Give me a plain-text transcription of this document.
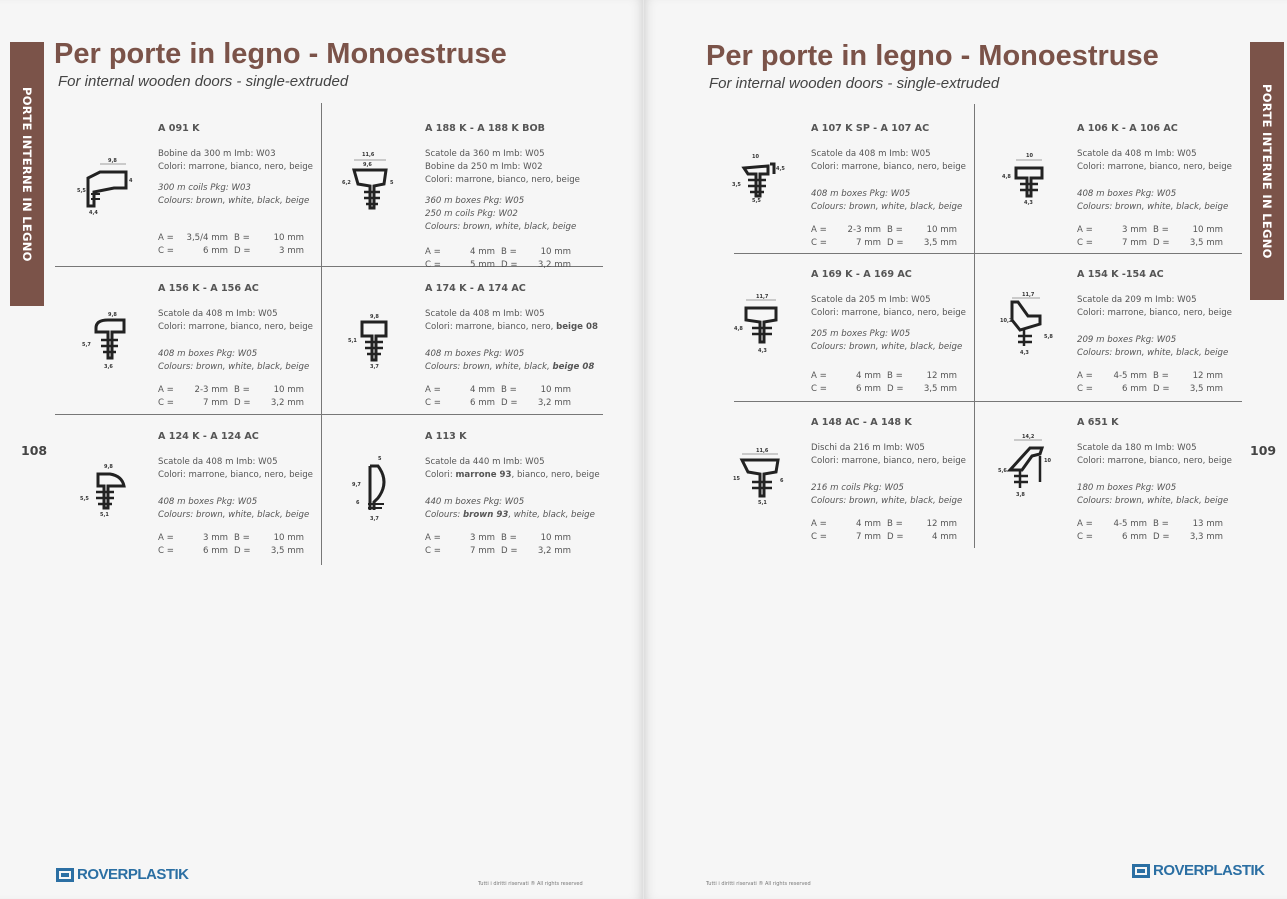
PORTE INTERNE IN LEGNO
Per porte in legno - Monoestruse
For internal wooden doors - single-extruded
108
9,8
4
5,5
4,4

A 091 K

Bobine da 300 m Imb: W03

Colori: marrone, bianco, nero, beige

300 m coils Pkg: W03

Colours: brown, white, black, beige

A =	3,5/4 mm B =	10 mm
C =	6 mm D =	3 mm
11,6
9,6
6,2	5

A 188 K - A 188 K BOB

Scatole da 360 m Imb: W05

Bobine da 250 m Imb: W02

Colori: marrone, bianco, nero, beige

360 m boxes Pkg: W05

250 m coils Pkg: W02

Colours: brown, white, black, beige

A =	4 mm B =	10 mm
C =	5 mm D =	3,2 mm
9,8
5,7
3,6

A 156 K - A 156 AC

Scatole da 408 m Imb: W05

Colori: marrone, bianco, nero, beige

408 m boxes Pkg: W05

Colours: brown, white, black, beige

A =	2-3 mm B =	10 mm
C =	7 mm D =	3,2 mm
9,8
5,1
3,7

A 174 K - A 174 AC

Scatole da 408 m Imb: W05

Colori: marrone, bianco, nero, beige 08

408 m boxes Pkg: W05

Colours: brown, white, black, beige 08

A =	4 mm B =	10 mm
C =	6 mm D =	3,2 mm
9,8
5,5
5,1

A 124 K - A 124 AC

Scatole da 408 m Imb: W05

Colori: marrone, bianco, nero, beige

408 m boxes Pkg: W05

Colours: brown, white, black, beige

A =	3 mm B =	10 mm
C =	6 mm D =	3,5 mm
5
9,7
6
3,7

A 113 K

Scatole da 440 m Imb: W05

Colori: marrone 93, bianco, nero, beige

440 m boxes Pkg: W05

Colours: brown 93, white, black, beige

A =	3 mm B =	10 mm
C =	7 mm D =	3,2 mm
ROVERPLASTIK
Tutti i diritti riservati ® All rights reserved
PORTE INTERNE IN LEGNO
Per porte in legno - Monoestruse
For internal wooden doors - single-extruded
109
10
4,5
3,5
5,5

A 107 K SP - A 107 AC

Scatole da 408 m Imb: W05

Colori: marrone, bianco, nero, beige

408 m boxes Pkg: W05

Colours: brown, white, black, beige

A =	2-3 mm B =	10 mm
C =	7 mm D =	3,5 mm
10
4,8
4,3

A 106 K - A 106 AC

Scatole da 408 m Imb: W05

Colori: marrone, bianco, nero, beige

408 m boxes Pkg: W05

Colours: brown, white, black, beige

A =	3 mm B =	10 mm
C =	7 mm D =	3,5 mm
11,7
4,8
4,3

A 169 K - A 169 AC

Scatole da 205 m Imb: W05

Colori: marrone, bianco, nero, beige

205 m boxes Pkg: W05

Colours: brown, white, black, beige

A =	4 mm B =	12 mm
C =	6 mm D =	3,5 mm
11,7
10,2
5,8
4,3

A 154 K -154 AC

Scatole da 209 m Imb: W05

Colori: marrone, bianco, nero, beige

209 m boxes Pkg: W05

Colours: brown, white, black, beige

A =	4-5 mm B =	12 mm
C =	6 mm D =	3,5 mm
11,6
15	6
5,1

A 148 AC - A 148 K

Dischi da 216 m Imb: W05

Colori: marrone, bianco, nero, beige

216 m coils Pkg: W05

Colours: brown, white, black, beige

A =	4 mm B =	12 mm
C =	7 mm D =	4 mm
14,2
5,6
10
3,8

A 651 K

Scatole da 180 m Imb: W05

Colori: marrone, bianco, nero, beige

180 m boxes Pkg: W05

Colours: brown, white, black, beige

A =	4-5 mm B =	13 mm
C =	6 mm D =	3,3 mm
ROVERPLASTIK
Tutti i diritti riservati ® All rights reserved
